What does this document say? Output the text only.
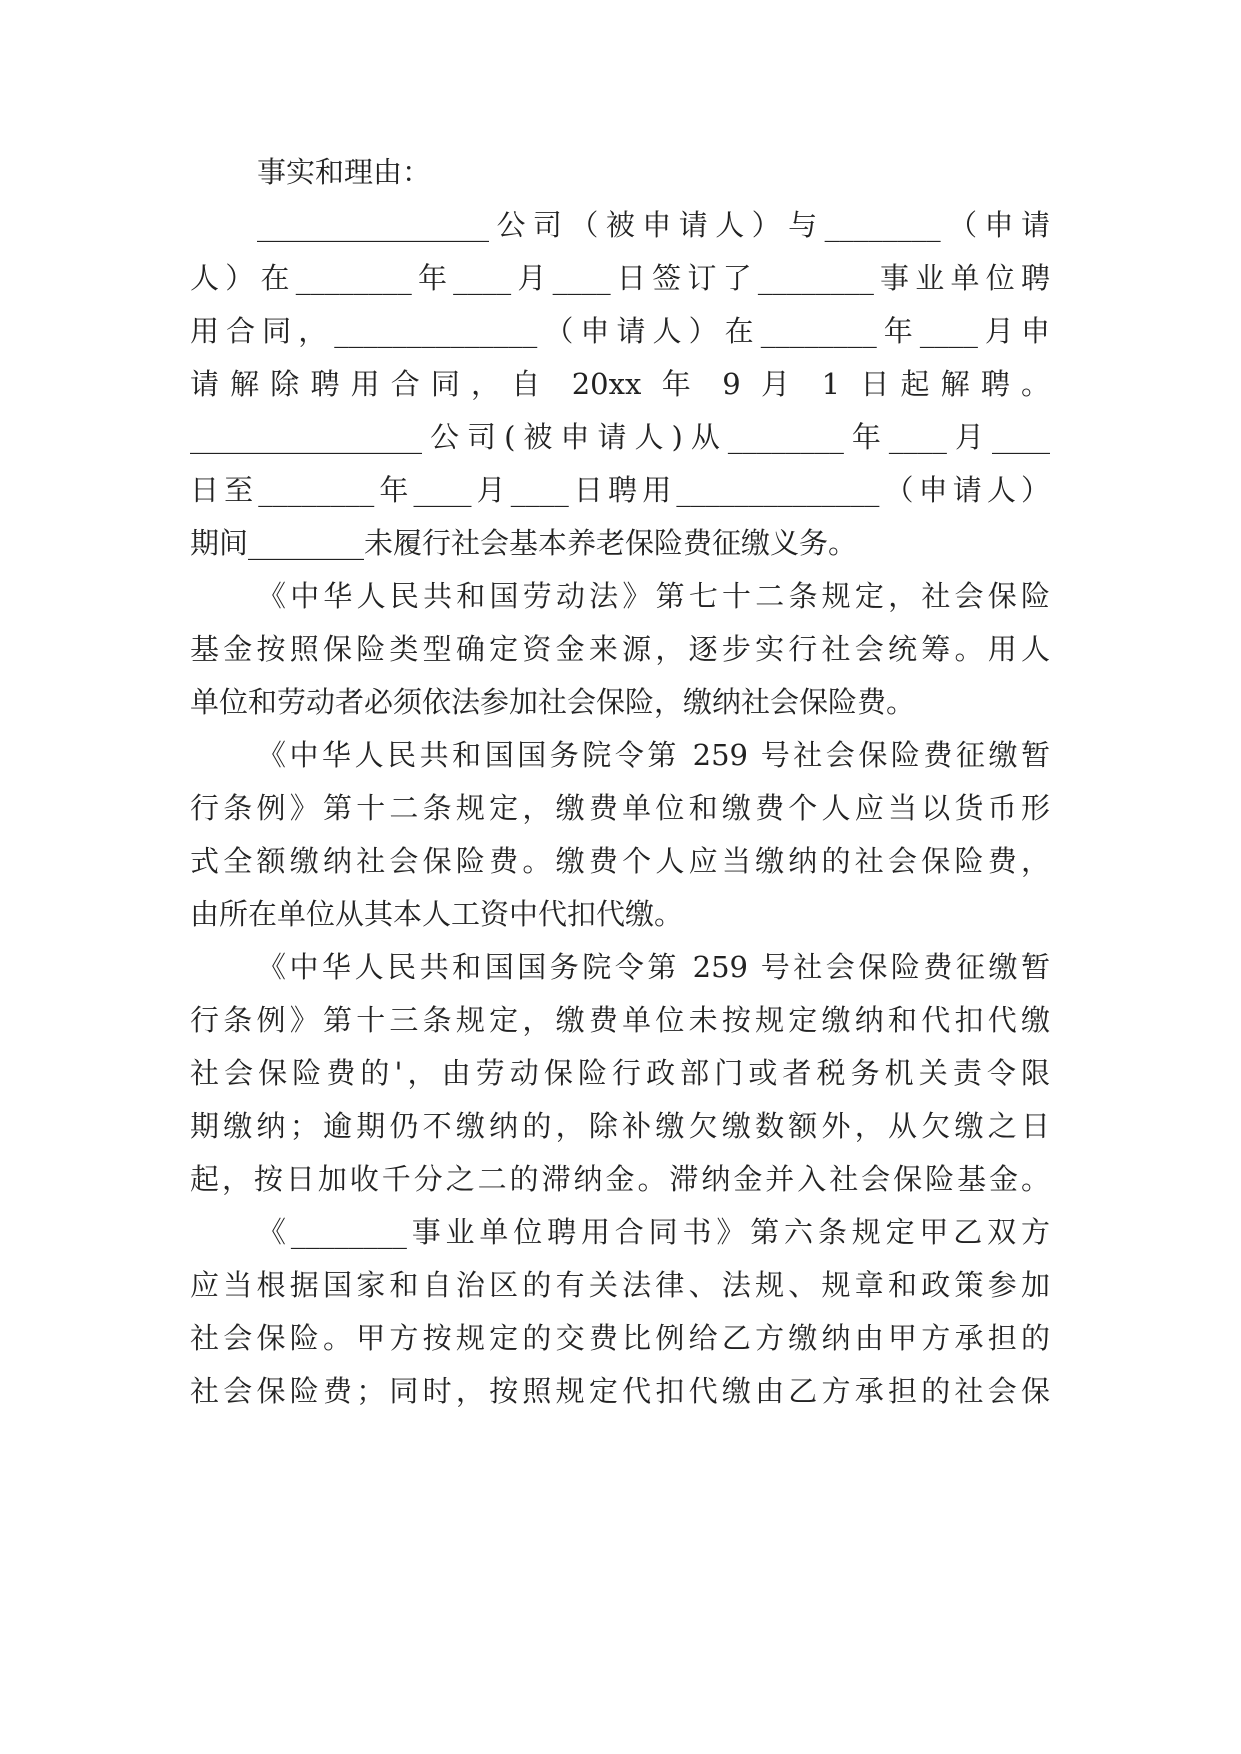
事实和理由：
________________公司（被申请人）与________（申请
人）在________年____月____日签订了________事业单位聘
用合同，______________（申请人）在________年____月申
请解除聘用合同，自 20xx 年 9 月 1 日起解聘。
________________公司(被申请人)从________年____月____
日至________年____月____日聘用______________（申请人）
期间________未履行社会基本养老保险费征缴义务。
《中华人民共和国劳动法》第七十二条规定，社会保险
基金按照保险类型确定资金来源，逐步实行社会统筹。用人
单位和劳动者必须依法参加社会保险，缴纳社会保险费。
《中华人民共和国国务院令第 259 号社会保险费征缴暂
行条例》第十二条规定，缴费单位和缴费个人应当以货币形
式全额缴纳社会保险费。缴费个人应当缴纳的社会保险费，
由所在单位从其本人工资中代扣代缴。
《中华人民共和国国务院令第 259 号社会保险费征缴暂
行条例》第十三条规定，缴费单位未按规定缴纳和代扣代缴
社会保险费的'，由劳动保险行政部门或者税务机关责令限
期缴纳；逾期仍不缴纳的，除补缴欠缴数额外，从欠缴之日
起，按日加收千分之二的滞纳金。滞纳金并入社会保险基金。
《________事业单位聘用合同书》第六条规定甲乙双方
应当根据国家和自治区的有关法律、法规、规章和政策参加
社会保险。甲方按规定的交费比例给乙方缴纳由甲方承担的
社会保险费；同时，按照规定代扣代缴由乙方承担的社会保
